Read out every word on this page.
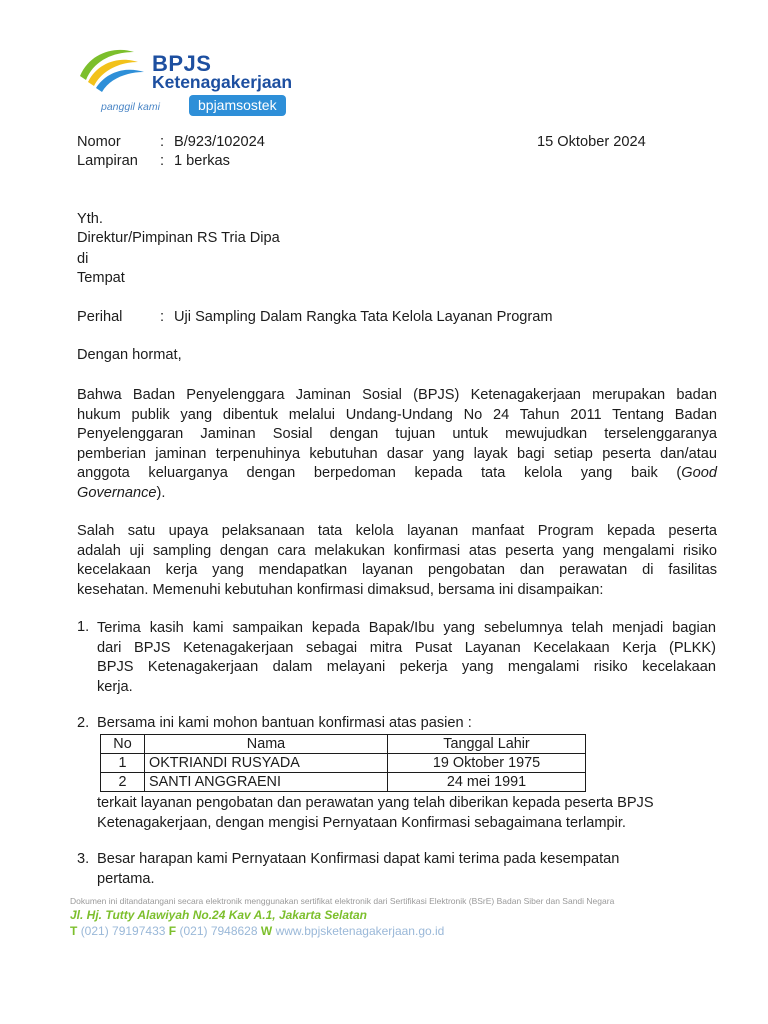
BPJS
Ketenagakerjaan
panggil kami	bpjamsostek
Nomor	: B/923/102024	15 Oktober 2024
Lampiran : 1 berkas
Yth.
Direktur/Pimpinan RS Tria Dipa
di
Tempat
Perihal	: Uji Sampling Dalam Rangka Tata Kelola Layanan Program
Dengan hormat,
Bahwa Badan Penyelenggara Jaminan Sosial (BPJS) Ketenagakerjaan merupakan badan
hukum publik yang dibentuk melalui Undang-Undang No 24 Tahun 2011 Tentang Badan
Penyelenggaran Jaminan Sosial dengan tujuan untuk mewujudkan terselenggaranya
pemberian jaminan terpenuhinya kebutuhan dasar yang layak bagi setiap peserta dan/atau
anggota keluarganya dengan berpedoman kepada tata kelola yang baik (Good
Governance).
Salah satu upaya pelaksanaan tata kelola layanan manfaat Program kepada peserta
adalah uji sampling dengan cara melakukan konfirmasi atas peserta yang mengalami risiko
kecelakaan kerja yang mendapatkan layanan pengobatan dan perawatan di fasilitas
kesehatan. Memenuhi kebutuhan konfirmasi dimaksud, bersama ini disampaikan:
1. Terima kasih kami sampaikan kepada Bapak/Ibu yang sebelumnya telah menjadi bagian
dari BPJS Ketenagakerjaan sebagai mitra Pusat Layanan Kecelakaan Kerja (PLKK)
BPJS Ketenagakerjaan dalam melayani pekerja yang mengalami risiko kecelakaan
kerja.
2. Bersama ini kami mohon bantuan konfirmasi atas pasien :
No	Nama	Tanggal Lahir
1	OKTRIANDI RUSYADA	19 Oktober 1975
2	SANTI ANGGRAENI	24 mei 1991
terkait layanan pengobatan dan perawatan yang telah diberikan kepada peserta BPJS
Ketenagakerjaan, dengan mengisi Pernyataan Konfirmasi sebagaimana terlampir.
3. Besar harapan kami Pernyataan Konfirmasi dapat kami terima pada kesempatan
pertama.
Dokumen ini ditandatangani secara elektronik menggunakan sertifikat elektronik dari Sertifikasi Elektronik (BSrE) Badan Siber dan Sandi Negara
Jl. Hj. Tutty Alawiyah No.24 Kav A.1, Jakarta Selatan
T (021) 79197433 F (021) 7948628 W www.bpjsketenagakerjaan.go.id
